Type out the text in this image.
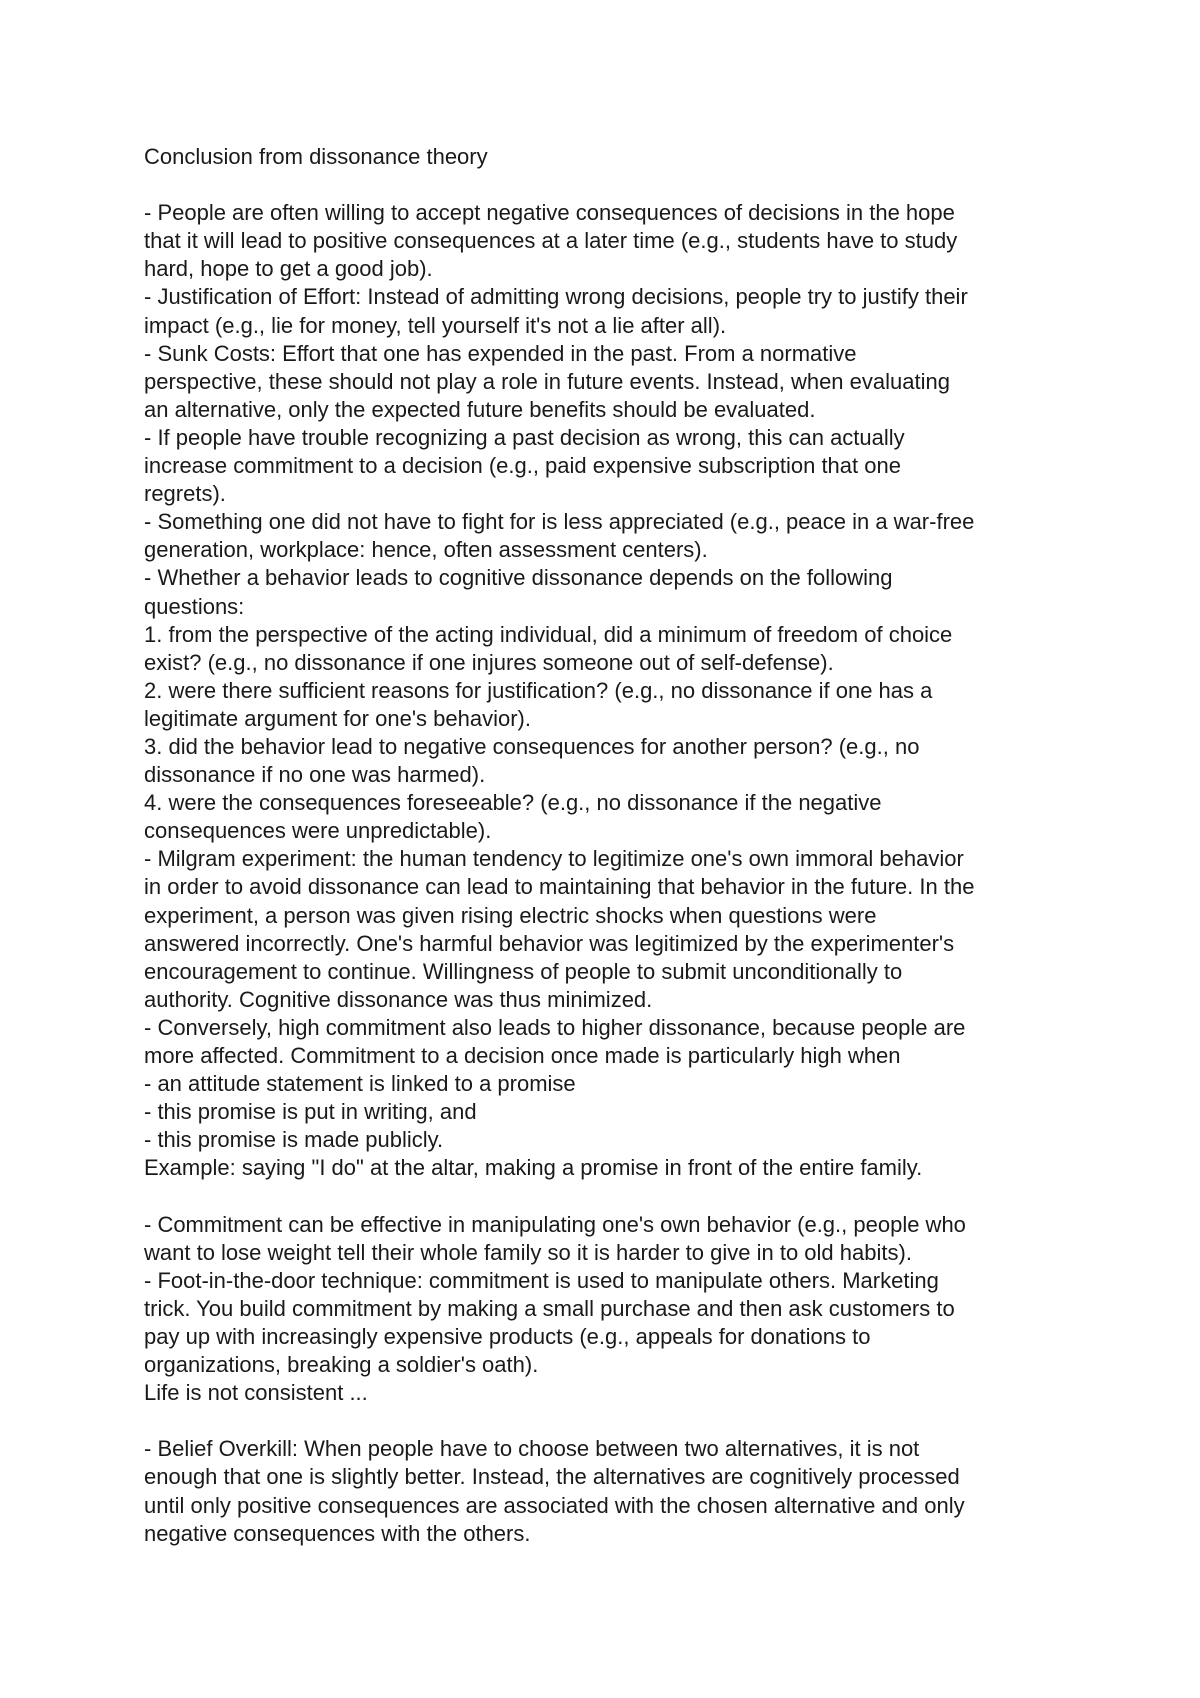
Conclusion from dissonance theory
- People are often willing to accept negative consequences of decisions in the hope
that it will lead to positive consequences at a later time (e.g., students have to study
hard, hope to get a good job).
- Justification of Effort: Instead of admitting wrong decisions, people try to justify their
impact (e.g., lie for money, tell yourself it's not a lie after all).
- Sunk Costs: Effort that one has expended in the past. From a normative
perspective, these should not play a role in future events. Instead, when evaluating
an alternative, only the expected future benefits should be evaluated.
- If people have trouble recognizing a past decision as wrong, this can actually
increase commitment to a decision (e.g., paid expensive subscription that one
regrets).
- Something one did not have to fight for is less appreciated (e.g., peace in a war-free
generation, workplace: hence, often assessment centers).
- Whether a behavior leads to cognitive dissonance depends on the following
questions:
1. from the perspective of the acting individual, did a minimum of freedom of choice
exist? (e.g., no dissonance if one injures someone out of self-defense).
2. were there sufficient reasons for justification? (e.g., no dissonance if one has a
legitimate argument for one's behavior).
3. did the behavior lead to negative consequences for another person? (e.g., no
dissonance if no one was harmed).
4. were the consequences foreseeable? (e.g., no dissonance if the negative
consequences were unpredictable).
- Milgram experiment: the human tendency to legitimize one's own immoral behavior
in order to avoid dissonance can lead to maintaining that behavior in the future. In the
experiment, a person was given rising electric shocks when questions were
answered incorrectly. One's harmful behavior was legitimized by the experimenter's
encouragement to continue. Willingness of people to submit unconditionally to
authority. Cognitive dissonance was thus minimized.
- Conversely, high commitment also leads to higher dissonance, because people are
more affected. Commitment to a decision once made is particularly high when
- an attitude statement is linked to a promise
- this promise is put in writing, and
- this promise is made publicly.
Example: saying "I do" at the altar, making a promise in front of the entire family.
- Commitment can be effective in manipulating one's own behavior (e.g., people who
want to lose weight tell their whole family so it is harder to give in to old habits).
- Foot-in-the-door technique: commitment is used to manipulate others. Marketing
trick. You build commitment by making a small purchase and then ask customers to
pay up with increasingly expensive products (e.g., appeals for donations to
organizations, breaking a soldier's oath).
Life is not consistent ...
- Belief Overkill: When people have to choose between two alternatives, it is not
enough that one is slightly better. Instead, the alternatives are cognitively processed
until only positive consequences are associated with the chosen alternative and only
negative consequences with the others.
